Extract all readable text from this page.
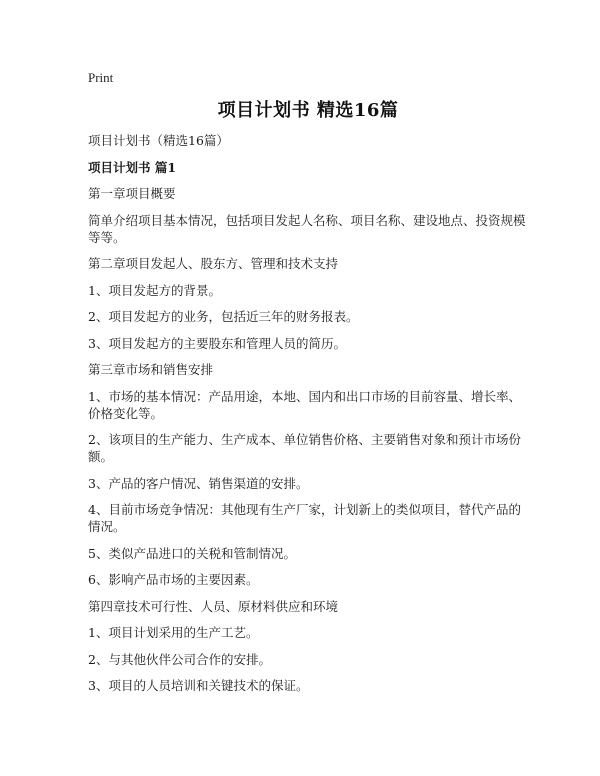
Print
项目计划书 精选16篇

项目计划书（精选16篇）

项目计划书 篇1

第一章项目概要

简单介绍项目基本情况，包括项目发起人名称、项目名称、建设地点、投资规模等等。

第二章项目发起人、股东方、管理和技术支持

1、项目发起方的背景。

2、项目发起方的业务，包括近三年的财务报表。

3、项目发起方的主要股东和管理人员的简历。

第三章市场和销售安排

1、市场的基本情况：产品用途，本地、国内和出口市场的目前容量、增长率、价格变化等。

2、该项目的生产能力、生产成本、单位销售价格、主要销售对象和预计市场份额。

3、产品的客户情况、销售渠道的安排。

4、目前市场竞争情况：其他现有生产厂家，计划新上的类似项目，替代产品的情况。

5、类似产品进口的关税和管制情况。

6、影响产品市场的主要因素。

第四章技术可行性、人员、原材料供应和环境

1、项目计划采用的生产工艺。

2、与其他伙伴公司合作的安排。

3、项目的人员培训和关键技术的保证。
